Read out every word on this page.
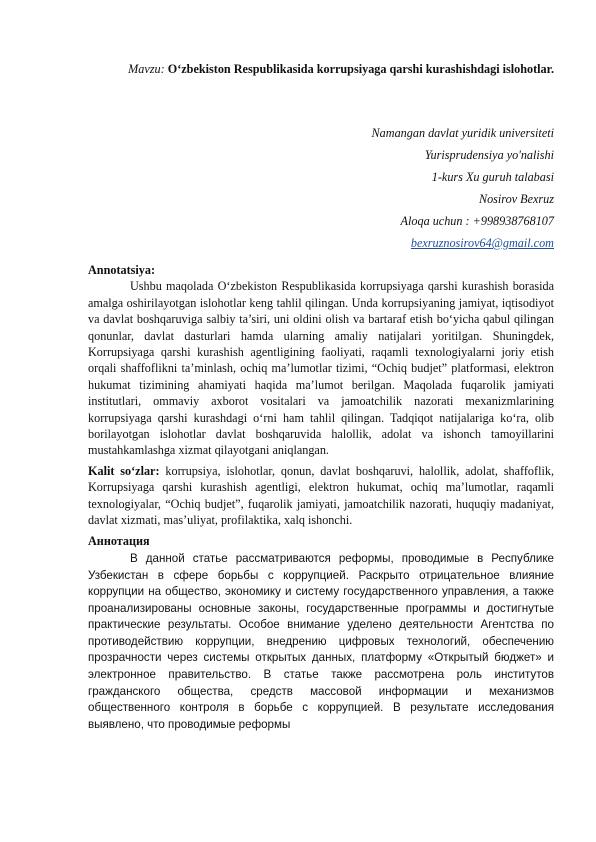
Mavzu: O‘zbekiston Respublikasida korrupsiyaga qarshi kurashishdagi islohotlar.
Namangan davlat yuridik universiteti
Yurisprudensiya yo'nalishi
1-kurs Xu guruh talabasi
Nosirov Bexruz
Aloqa uchun : +998938768107
bexruznosirov64@gmail.com

Annotatsiya:

Ushbu maqolada O‘zbekiston Respublikasida korrupsiyaga qarshi kurashish borasida amalga oshirilayotgan islohotlar keng tahlil qilingan. Unda korrupsiyaning jamiyat, iqtisodiyot va davlat boshqaruviga salbiy ta’siri, uni oldini olish va bartaraf etish bo‘yicha qabul qilingan qonunlar, davlat dasturlari hamda ularning amaliy natijalari yoritilgan. Shuningdek, Korrupsiyaga qarshi kurashish agentligining faoliyati, raqamli texnologiyalarni joriy etish orqali shaffoflikni ta’minlash, ochiq ma’lumotlar tizimi, “Ochiq budjet” platformasi, elektron hukumat tizimining ahamiyati haqida ma’lumot berilgan. Maqolada fuqarolik jamiyati institutlari, ommaviy axborot vositalari va jamoatchilik nazorati mexanizmlarining korrupsiyaga qarshi kurashdagi o‘rni ham tahlil qilingan. Tadqiqot natijalariga ko‘ra, olib borilayotgan islohotlar davlat boshqaruvida halollik, adolat va ishonch tamoyillarini mustahkamlashga xizmat qilayotgani aniqlangan.

Kalit so‘zlar: korrupsiya, islohotlar, qonun, davlat boshqaruvi, halollik, adolat, shaffoflik, Korrupsiyaga qarshi kurashish agentligi, elektron hukumat, ochiq ma’lumotlar, raqamli texnologiyalar, “Ochiq budjet”, fuqarolik jamiyati, jamoatchilik nazorati, huquqiy madaniyat, davlat xizmati, mas’uliyat, profilaktika, xalq ishonchi.

Аннотация

В данной статье рассматриваются реформы, проводимые в Республике Узбекистан в сфере борьбы с коррупцией. Раскрыто отрицательное влияние коррупции на общество, экономику и систему государственного управления, а также проанализированы основные законы, государственные программы и достигнутые практические результаты. Особое внимание уделено деятельности Агентства по противодействию коррупции, внедрению цифровых технологий, обеспечению прозрачности через системы открытых данных, платформу «Открытый бюджет» и электронное правительство. В статье также рассмотрена роль институтов гражданского общества, средств массовой информации и механизмов общественного контроля в борьбе с коррупцией. В результате исследования выявлено, что проводимые реформы
